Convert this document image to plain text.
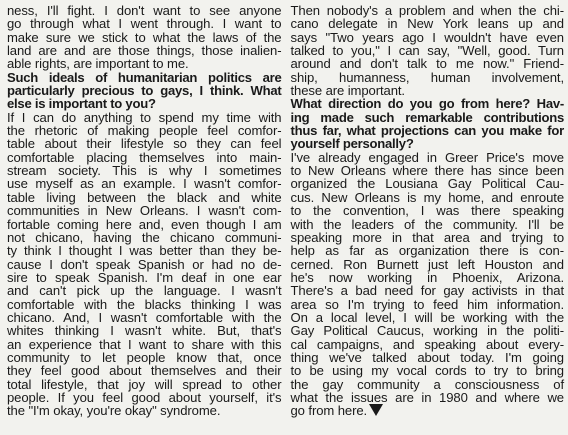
ness, I'll fight. I don't want to see anyone
go through what I went through. I want to
make sure we stick to what the laws of the
land are and are those things, those inalien-
able rights, are important to me.
Such ideals of humanitarian politics are
particularly precious to gays, I think. What
else is important to you?
If I can do anything to spend my time with
the rhetoric of making people feel comfor-
table about their lifestyle so they can feel
comfortable placing themselves into main-
stream society. This is why I sometimes
use myself as an example. I wasn't comfor-
table living between the black and white
communities in New Orleans. I wasn't com-
fortable coming here and, even though I am
not chicano, having the chicano communi-
ty think I thought I was better than they be-
cause I don't speak Spanish or had no de-
sire to speak Spanish. I'm deaf in one ear
and can't pick up the language. I wasn't
comfortable with the blacks thinking I was
chicano. And, I wasn't comfortable with the
whites thinking I wasn't white. But, that's
an experience that I want to share with this
community to let people know that, once
they feel good about themselves and their
total lifestyle, that joy will spread to other
people. If you feel good about yourself, it's
the "I'm okay, you're okay" syndrome.
Then nobody's a problem and when the chi-
cano delegate in New York leans up and
says "Two years ago I wouldn't have even
talked to you," I can say, "Well, good. Turn
around and don't talk to me now." Friend-
ship, humanness, human involvement,
these are important.
What direction do you go from here? Hav-
ing made such remarkable contributions
thus far, what projections can you make for
yourself personally?
I've already engaged in Greer Price's move
to New Orleans where there has since been
organized the Lousiana Gay Political Cau-
cus. New Orleans is my home, and enroute
to the convention, I was there speaking
with the leaders of the community. I'll be
speaking more in that area and trying to
help as far as organization there is con-
cerned. Ron Burnett just left Houston and
he's now working in Phoenix, Arizona.
There's a bad need for gay activists in that
area so I'm trying to feed him information.
On a local level, I will be working with the
Gay Political Caucus, working in the politi-
cal campaigns, and speaking about every-
thing we've talked about today. I'm going
to be using my vocal cords to try to bring
the gay community a consciousness of
what the issues are in 1980 and where we
go from here.
